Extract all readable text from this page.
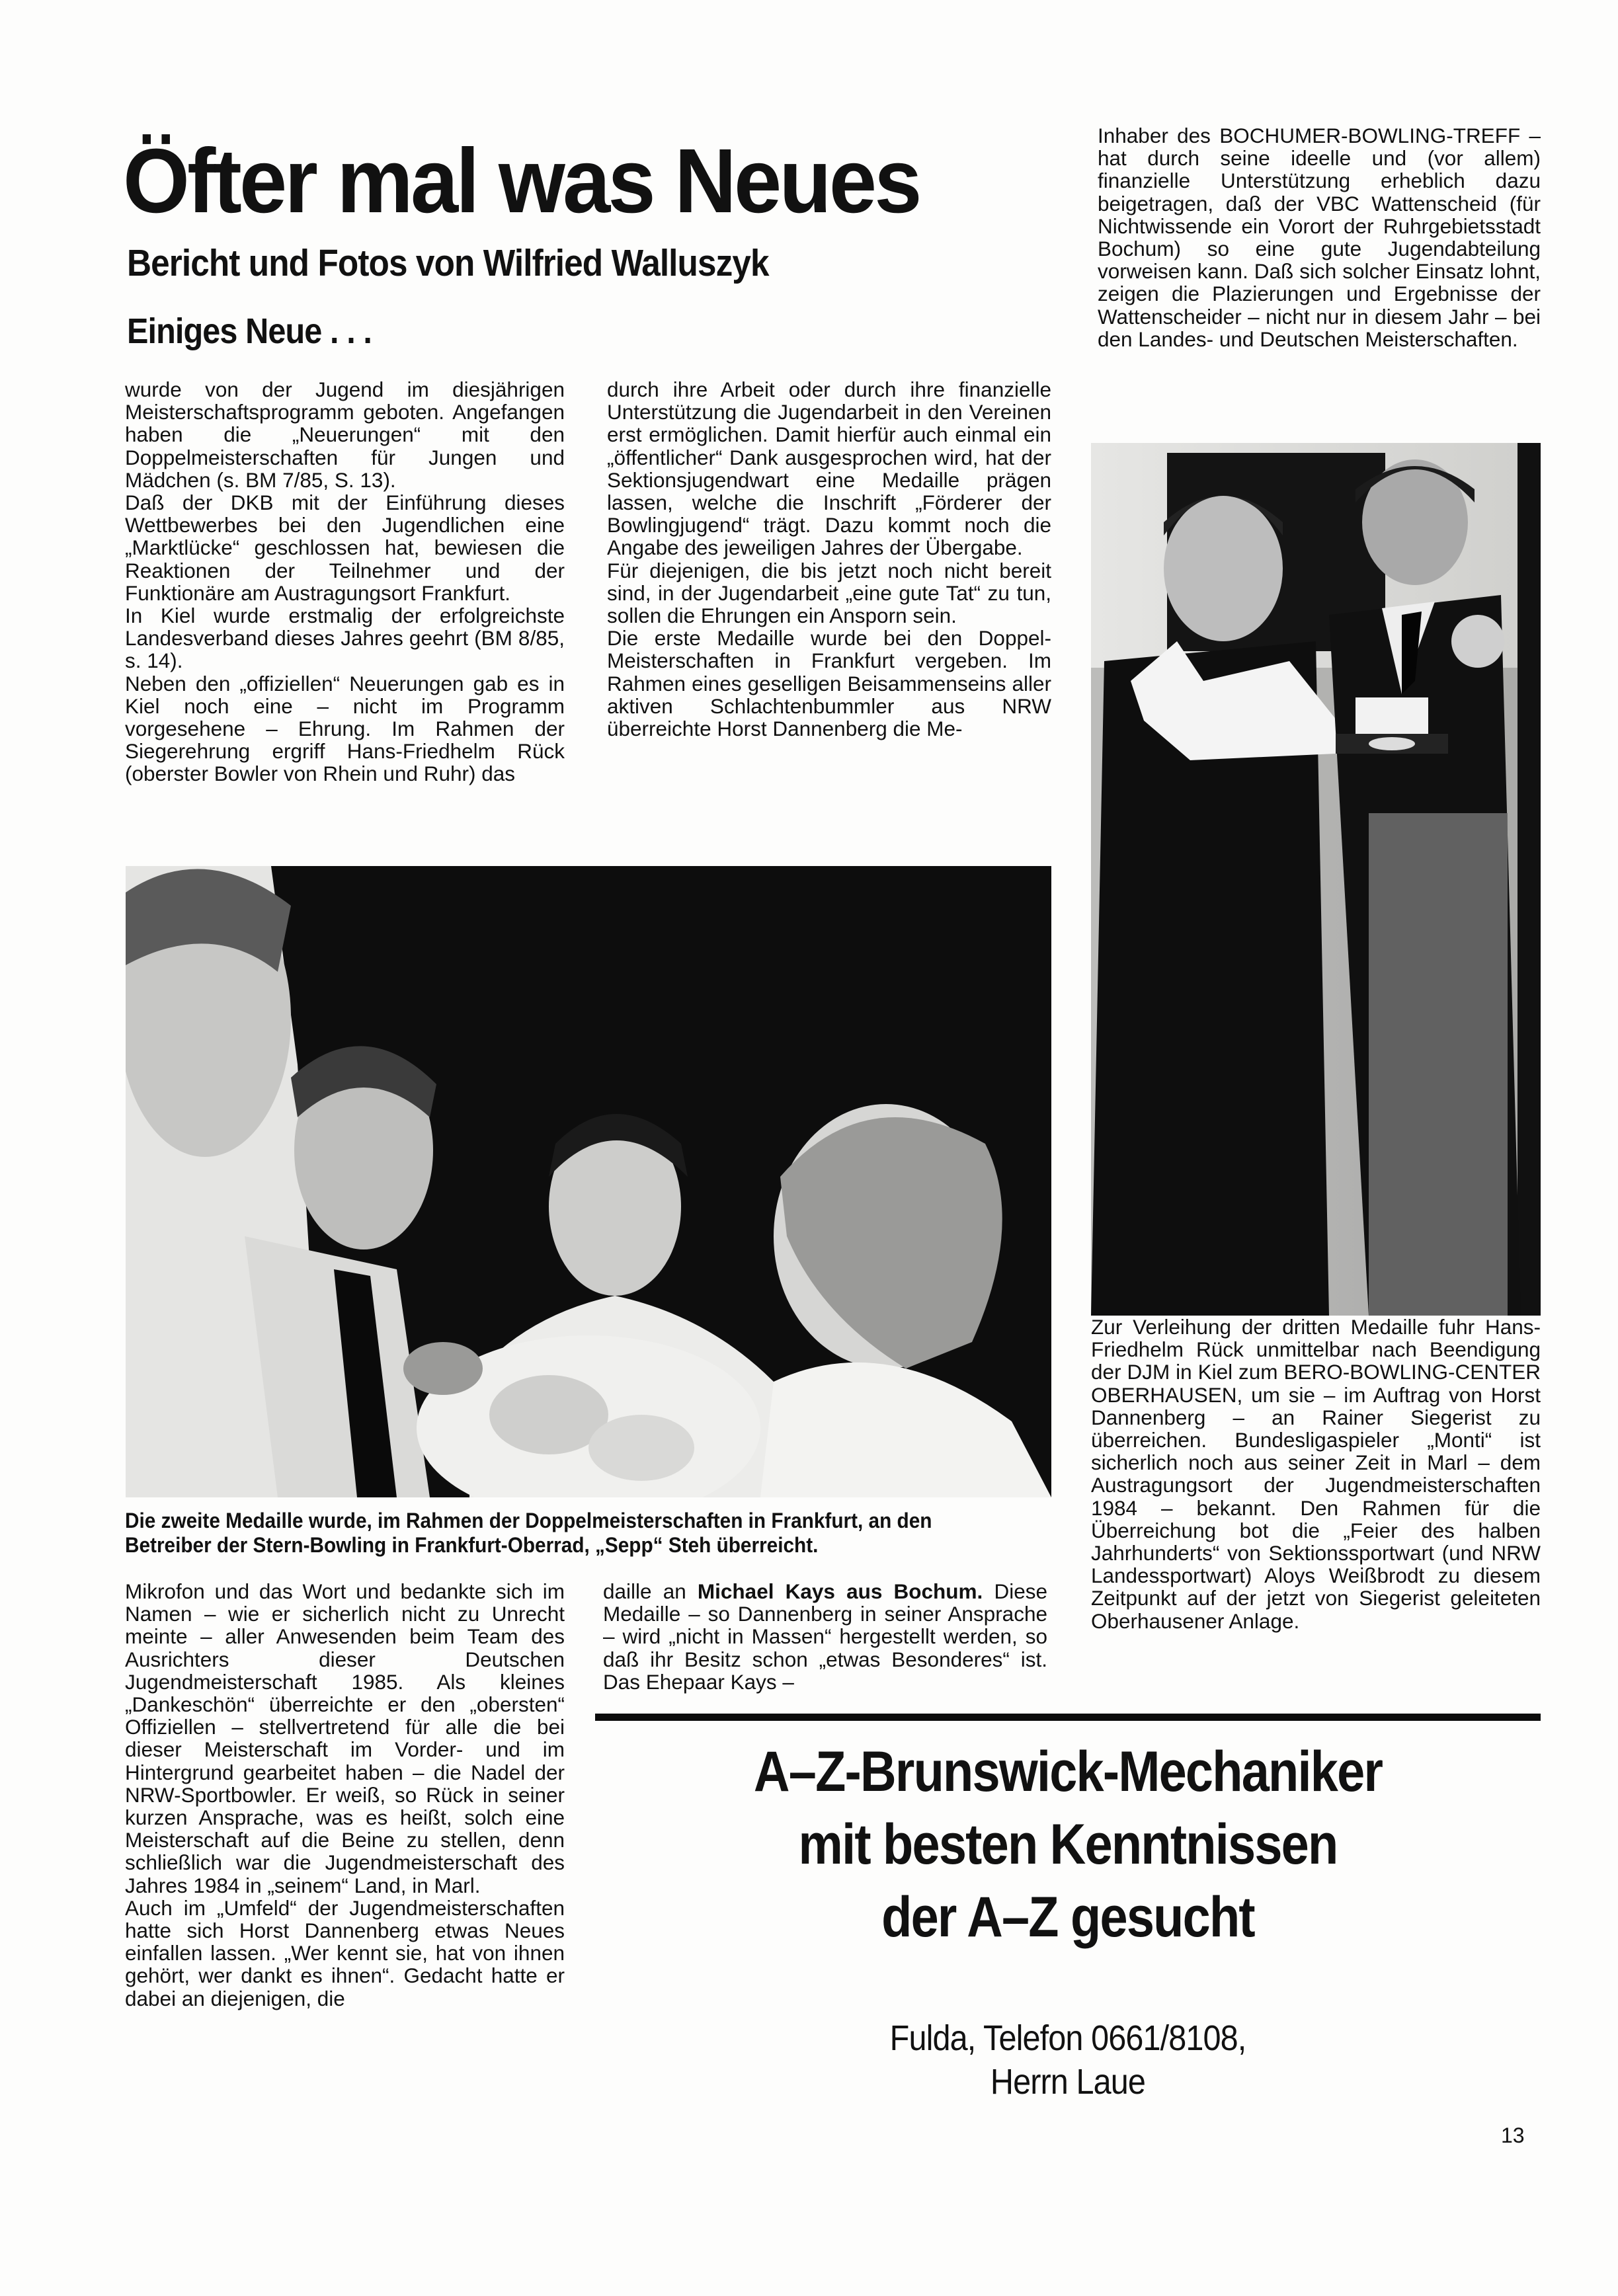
Öfter mal was Neues
Bericht und Fotos von Wilfried Walluszyk
Einiges Neue . . .

wurde von der Jugend im diesjährigen Meisterschaftsprogramm geboten. Angefangen haben die „Neuerungen“ mit den Doppelmeisterschaften für Jungen und Mädchen (s. BM 7/85, S. 13).

Daß der DKB mit der Einführung dieses Wettbewerbes bei den Jugendlichen eine „Marktlücke“ geschlossen hat, bewiesen die Reaktionen der Teilnehmer und der Funktionäre am Austragungsort Frankfurt.

In Kiel wurde erstmalig der erfolgreichste Landesverband dieses Jahres geehrt (BM 8/85, s. 14).

Neben den „offiziellen“ Neuerungen gab es in Kiel noch eine – nicht im Programm vorgesehene – Ehrung. Im Rahmen der Siegerehrung ergriff Hans-Friedhelm Rück (oberster Bowler von Rhein und Ruhr) das

durch ihre Arbeit oder durch ihre finanzielle Unterstützung die Jugendarbeit in den Vereinen erst ermöglichen. Damit hierfür auch einmal ein „öffentlicher“ Dank ausgesprochen wird, hat der Sektionsjugendwart eine Medaille prägen lassen, welche die Inschrift „Förderer der Bowlingjugend“ trägt. Dazu kommt noch die Angabe des jeweiligen Jahres der Übergabe.

Für diejenigen, die bis jetzt noch nicht bereit sind, in der Jugendarbeit „eine gute Tat“ zu tun, sollen die Ehrungen ein Ansporn sein.

Die erste Medaille wurde bei den Doppel-Meisterschaften in Frankfurt vergeben. Im Rahmen eines geselligen Beisammenseins aller aktiven Schlachtenbummler aus NRW überreichte Horst Dannenberg die Me-

Inhaber des BOCHUMER-BOWLING-TREFF – hat durch seine ideelle und (vor allem) finanzielle Unterstützung erheblich dazu beigetragen, daß der VBC Wattenscheid (für Nichtwissende ein Vorort der Ruhrgebietsstadt Bochum) so eine gute Jugendabteilung vorweisen kann. Daß sich solcher Einsatz lohnt, zeigen die Plazierungen und Ergebnisse der Wattenscheider – nicht nur in diesem Jahr – bei den Landes- und Deutschen Meisterschaften.

Die zweite Medaille wurde, im Rahmen der Doppelmeisterschaften in Frankfurt, an den Betreiber der Stern-Bowling in Frankfurt-Oberrad, „Sepp“ Steh überreicht.

Zur Verleihung der dritten Medaille fuhr Hans-Friedhelm Rück unmittelbar nach Beendigung der DJM in Kiel zum BERO-BOWLING-CENTER OBERHAUSEN, um sie – im Auftrag von Horst Dannenberg – an Rainer Siegerist zu überreichen. Bundesligaspieler „Monti“ ist sicherlich noch aus seiner Zeit in Marl – dem Austragungsort der Jugendmeisterschaften 1984 – bekannt. Den Rahmen für die Überreichung bot die „Feier des halben Jahrhunderts“ von Sektionssportwart (und NRW Landessportwart) Aloys Weißbrodt zu diesem Zeitpunkt auf der jetzt von Siegerist geleiteten Oberhausener Anlage.

Mikrofon und das Wort und bedankte sich im Namen – wie er sicherlich nicht zu Unrecht meinte – aller Anwesenden beim Team des Ausrichters dieser Deutschen Jugendmeisterschaft 1985. Als kleines „Dankeschön“ überreichte er den „obersten“ Offiziellen – stellvertretend für alle die bei dieser Meisterschaft im Vorder- und im Hintergrund gearbeitet haben – die Nadel der NRW-Sportbowler. Er weiß, so Rück in seiner kurzen Ansprache, was es heißt, solch eine Meisterschaft auf die Beine zu stellen, denn schließlich war die Jugendmeisterschaft des Jahres 1984 in „seinem“ Land, in Marl.

Auch im „Umfeld“ der Jugendmeisterschaften hatte sich Horst Dannenberg etwas Neues einfallen lassen. „Wer kennt sie, hat von ihnen gehört, wer dankt es ihnen“. Gedacht hatte er dabei an diejenigen, die

daille an Michael Kays aus Bochum. Diese Medaille – so Dannenberg in seiner Ansprache – wird „nicht in Massen“ hergestellt werden, so daß ihr Besitz schon „etwas Besonderes“ ist. Das Ehepaar Kays –

A–Z-Brunswick-Mechaniker
mit besten Kenntnissen
der A–Z gesucht
Fulda, Telefon 0661/8108,
Herrn Laue
13
